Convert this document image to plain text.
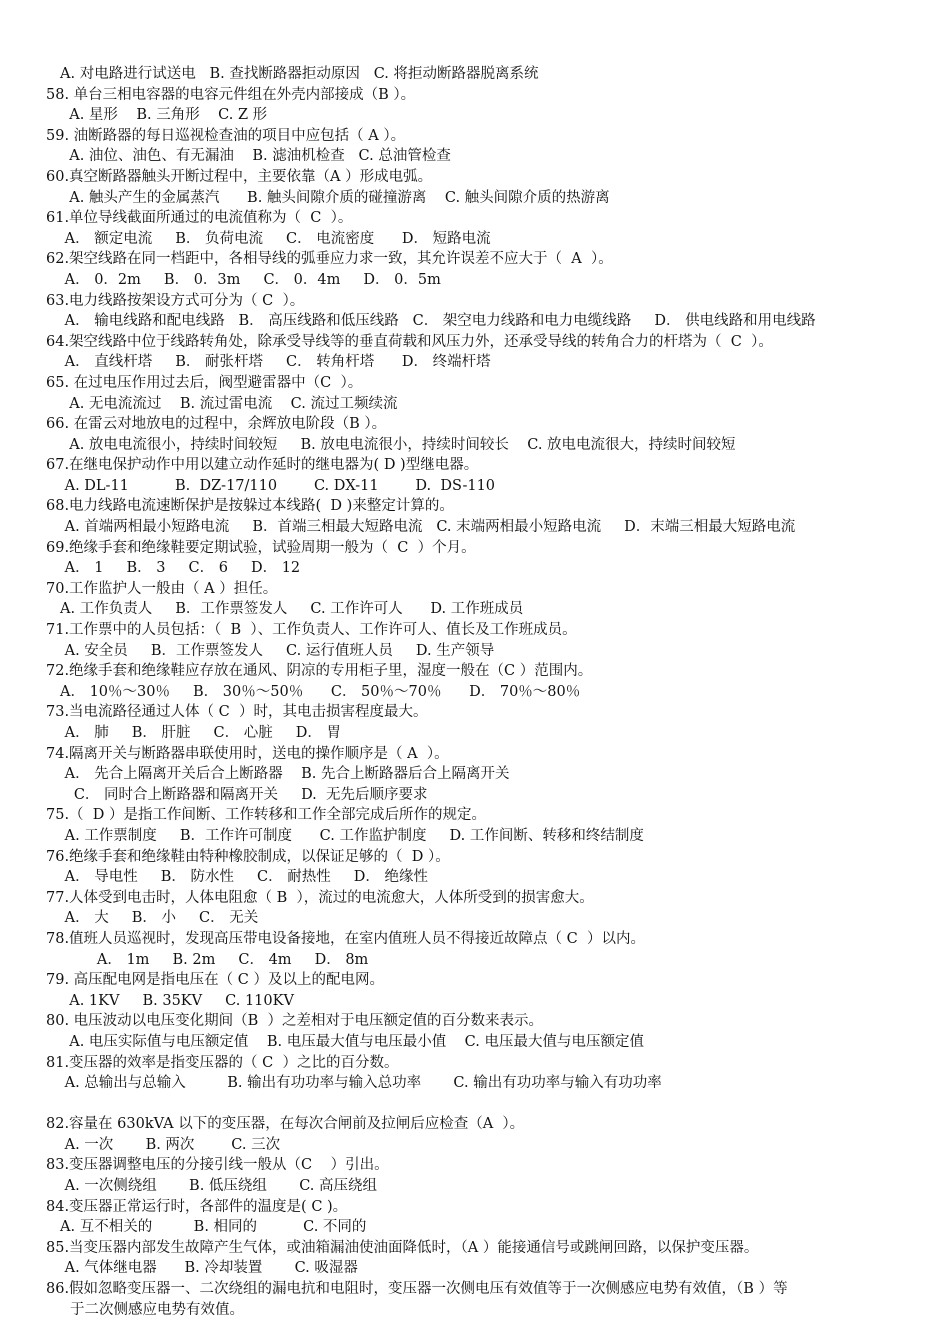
A. 对电路进行试送电   B. 查找断路器拒动原因   C. 将拒动断路器脱离系统
58. 单台三相电容器的电容元件组在外壳内部接成（B ）。
A. 星形    B. 三角形    C. Z 形
59. 油断路器的每日巡视检查油的项目中应包括（ A ）。
A. 油位、油色、有无漏油    B. 滤油机检查   C. 总油管检查
60.真空断路器触头开断过程中，主要依靠（A ）形成电弧。
A. 触头产生的金属蒸汽      B. 触头间隙介质的碰撞游离    C. 触头间隙介质的热游离
61.单位导线截面所通过的电流值称为（  C  ）。
A． 额定电流     B． 负荷电流     C． 电流密度      D． 短路电流
62.架空线路在同一档距中，各相导线的弧垂应力求一致，其允许误差不应大于（  A  ）。
A． 0．2m     B． 0．3m     C． 0．4m     D． 0．5m
63.电力线路按架设方式可分为（ C  ）。
A． 输电线路和配电线路   B． 高压线路和低压线路   C． 架空电力线路和电力电缆线路     D． 供电线路和用电线路
64.架空线路中位于线路转角处，除承受导线等的垂直荷载和风压力外，还承受导线的转角合力的杆塔为（  C  ）。
A． 直线杆塔     B． 耐张杆塔     C． 转角杆塔      D． 终端杆塔
65. 在过电压作用过去后，阀型避雷器中（C  ）。
A. 无电流流过    B. 流过雷电流    C. 流过工频续流
66. 在雷云对地放电的过程中，余辉放电阶段（B ）。
A. 放电电流很小，持续时间较短     B. 放电电流很小，持续时间较长    C. 放电电流很大，持续时间较短
67.在继电保护动作中用以建立动作延时的继电器为( D )型继电器。
A. DL-11          B.  DZ-17/110        C. DX-11        D.  DS-110
68.电力线路电流速断保护是按躲过本线路(  D )来整定计算的。
A. 首端两相最小短路电流     B．首端三相最大短路电流   C. 末端两相最小短路电流     D．末端三相最大短路电流
69.绝缘手套和绝缘鞋要定期试验，试验周期一般为（  C  ）个月。
A． 1     B． 3     C． 6     D． 12
70.工作监护人一般由（ A ）担任。
A. 工作负责人     B．工作票签发人     C. 工作许可人      D. 工作班成员
71.工作票中的人员包括：（  B  ）、工作负责人、工作许可人、值长及工作班成员。
A. 安全员     B．工作票签发人     C. 运行值班人员     D. 生产领导
72.绝缘手套和绝缘鞋应存放在通风、阴凉的专用柜子里，湿度一般在（C ）范围内。
A． 10％～30％     B． 30％～50％      C． 50％～70％      D． 70％～80％
73.当电流路径通过人体（ C  ）时，其电击损害程度最大。
A． 肺     B． 肝脏     C． 心脏     D． 胃
74.隔离开关与断路器串联使用时，送电的操作顺序是（ A  ）。
A． 先合上隔离开关后合上断路器    B. 先合上断路器后合上隔离开关
C． 同时合上断路器和隔离开关     D.  无先后顺序要求
75.（  D ）是指工作间断、工作转移和工作全部完成后所作的规定。
A. 工作票制度     B．工作许可制度      C. 工作监护制度     D. 工作间断、转移和终结制度
76.绝缘手套和绝缘鞋由特种橡胶制成，以保证足够的（  D ）。
A． 导电性     B． 防水性     C． 耐热性     D． 绝缘性
77.人体受到电击时，人体电阻愈（ B  ），流过的电流愈大，人体所受到的损害愈大。
A． 大     B． 小     C． 无关
78.值班人员巡视时，发现高压带电设备接地，在室内值班人员不得接近故障点（ C  ）以内。
A． 1m     B. 2m     C． 4m     D． 8m
79. 高压配电网是指电压在（ C ）及以上的配电网。
A. 1KV     B. 35KV     C. 110KV
80. 电压波动以电压变化期间（B  ）之差相对于电压额定值的百分数来表示。
A. 电压实际值与电压额定值    B. 电压最大值与电压最小值    C. 电压最大值与电压额定值
81.变压器的效率是指变压器的（ C  ）之比的百分数。
A. 总输出与总输入         B. 输出有功功率与输入总功率       C. 输出有功功率与输入有功功率
82.容量在 630kVA 以下的变压器，在每次合闸前及拉闸后应检查（A  ）。
A. 一次       B. 两次        C. 三次
83.变压器调整电压的分接引线一般从（C    ）引出。
A. 一次侧绕组       B. 低压绕组       C. 高压绕组
84.变压器正常运行时，各部件的温度是( C )。
A. 互不相关的         B. 相同的          C. 不同的
85.当变压器内部发生故障产生气体，或油箱漏油使油面降低时，（A ）能接通信号或跳闸回路，以保护变压器。
A. 气体继电器      B. 冷却装置       C. 吸湿器
86.假如忽略变压器一、二次绕组的漏电抗和电阻时，变压器一次侧电压有效值等于一次侧感应电势有效值，（B ）等
于二次侧感应电势有效值。
